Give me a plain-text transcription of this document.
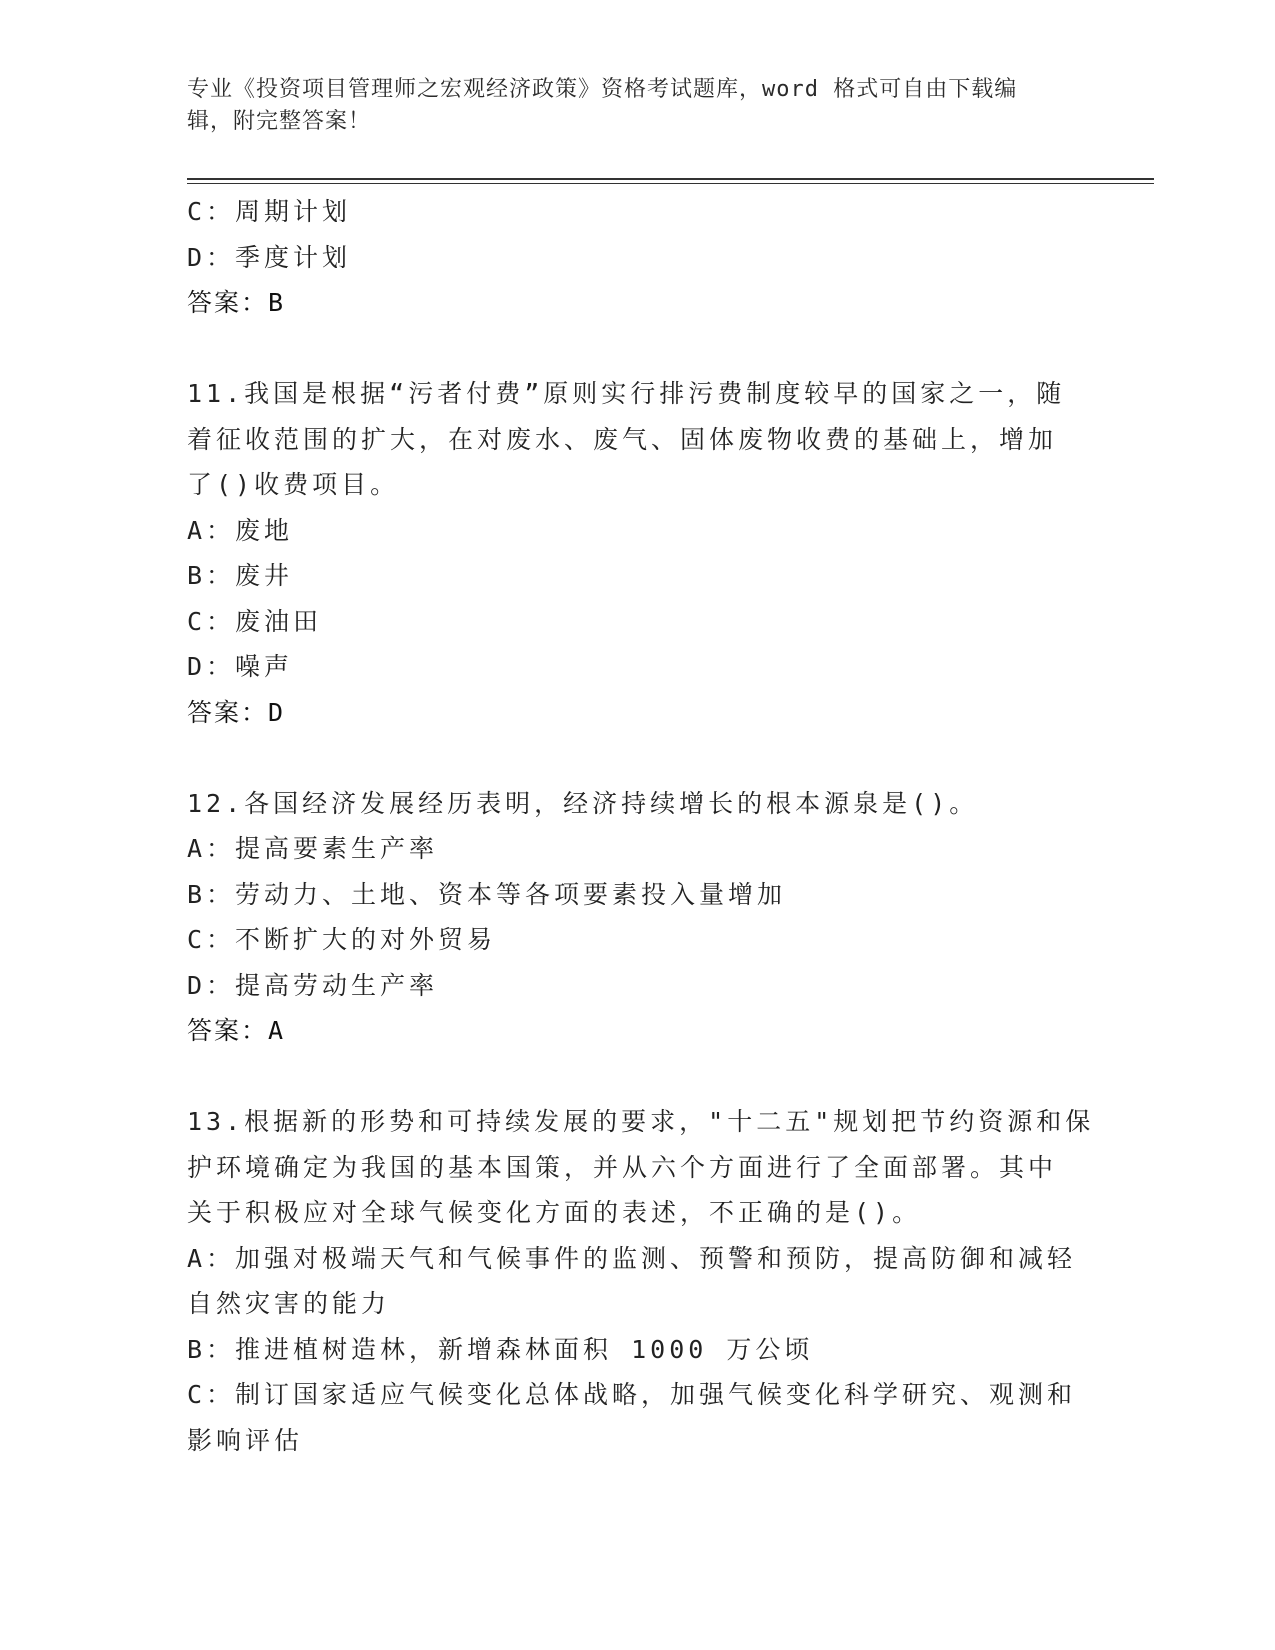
专业《投资项目管理师之宏观经济政策》资格考试题库，word 格式可自由下载编
辑，附完整答案！
C：周期计划
D：季度计划
答案：B
11.我国是根据“污者付费”原则实行排污费制度较早的国家之一，随
着征收范围的扩大，在对废水、废气、固体废物收费的基础上，增加
了()收费项目。
A：废地
B：废井
C：废油田
D：噪声
答案：D
12.各国经济发展经历表明，经济持续增长的根本源泉是()。
A：提高要素生产率
B：劳动力、土地、资本等各项要素投入量增加
C：不断扩大的对外贸易
D：提高劳动生产率
答案：A
13.根据新的形势和可持续发展的要求，"十二五"规划把节约资源和保
护环境确定为我国的基本国策，并从六个方面进行了全面部署。其中
关于积极应对全球气候变化方面的表述，不正确的是()。
A：加强对极端天气和气候事件的监测、预警和预防，提高防御和减轻
自然灾害的能力
B：推进植树造林，新增森林面积 1000 万公顷
C：制订国家适应气候变化总体战略，加强气候变化科学研究、观测和
影响评估
